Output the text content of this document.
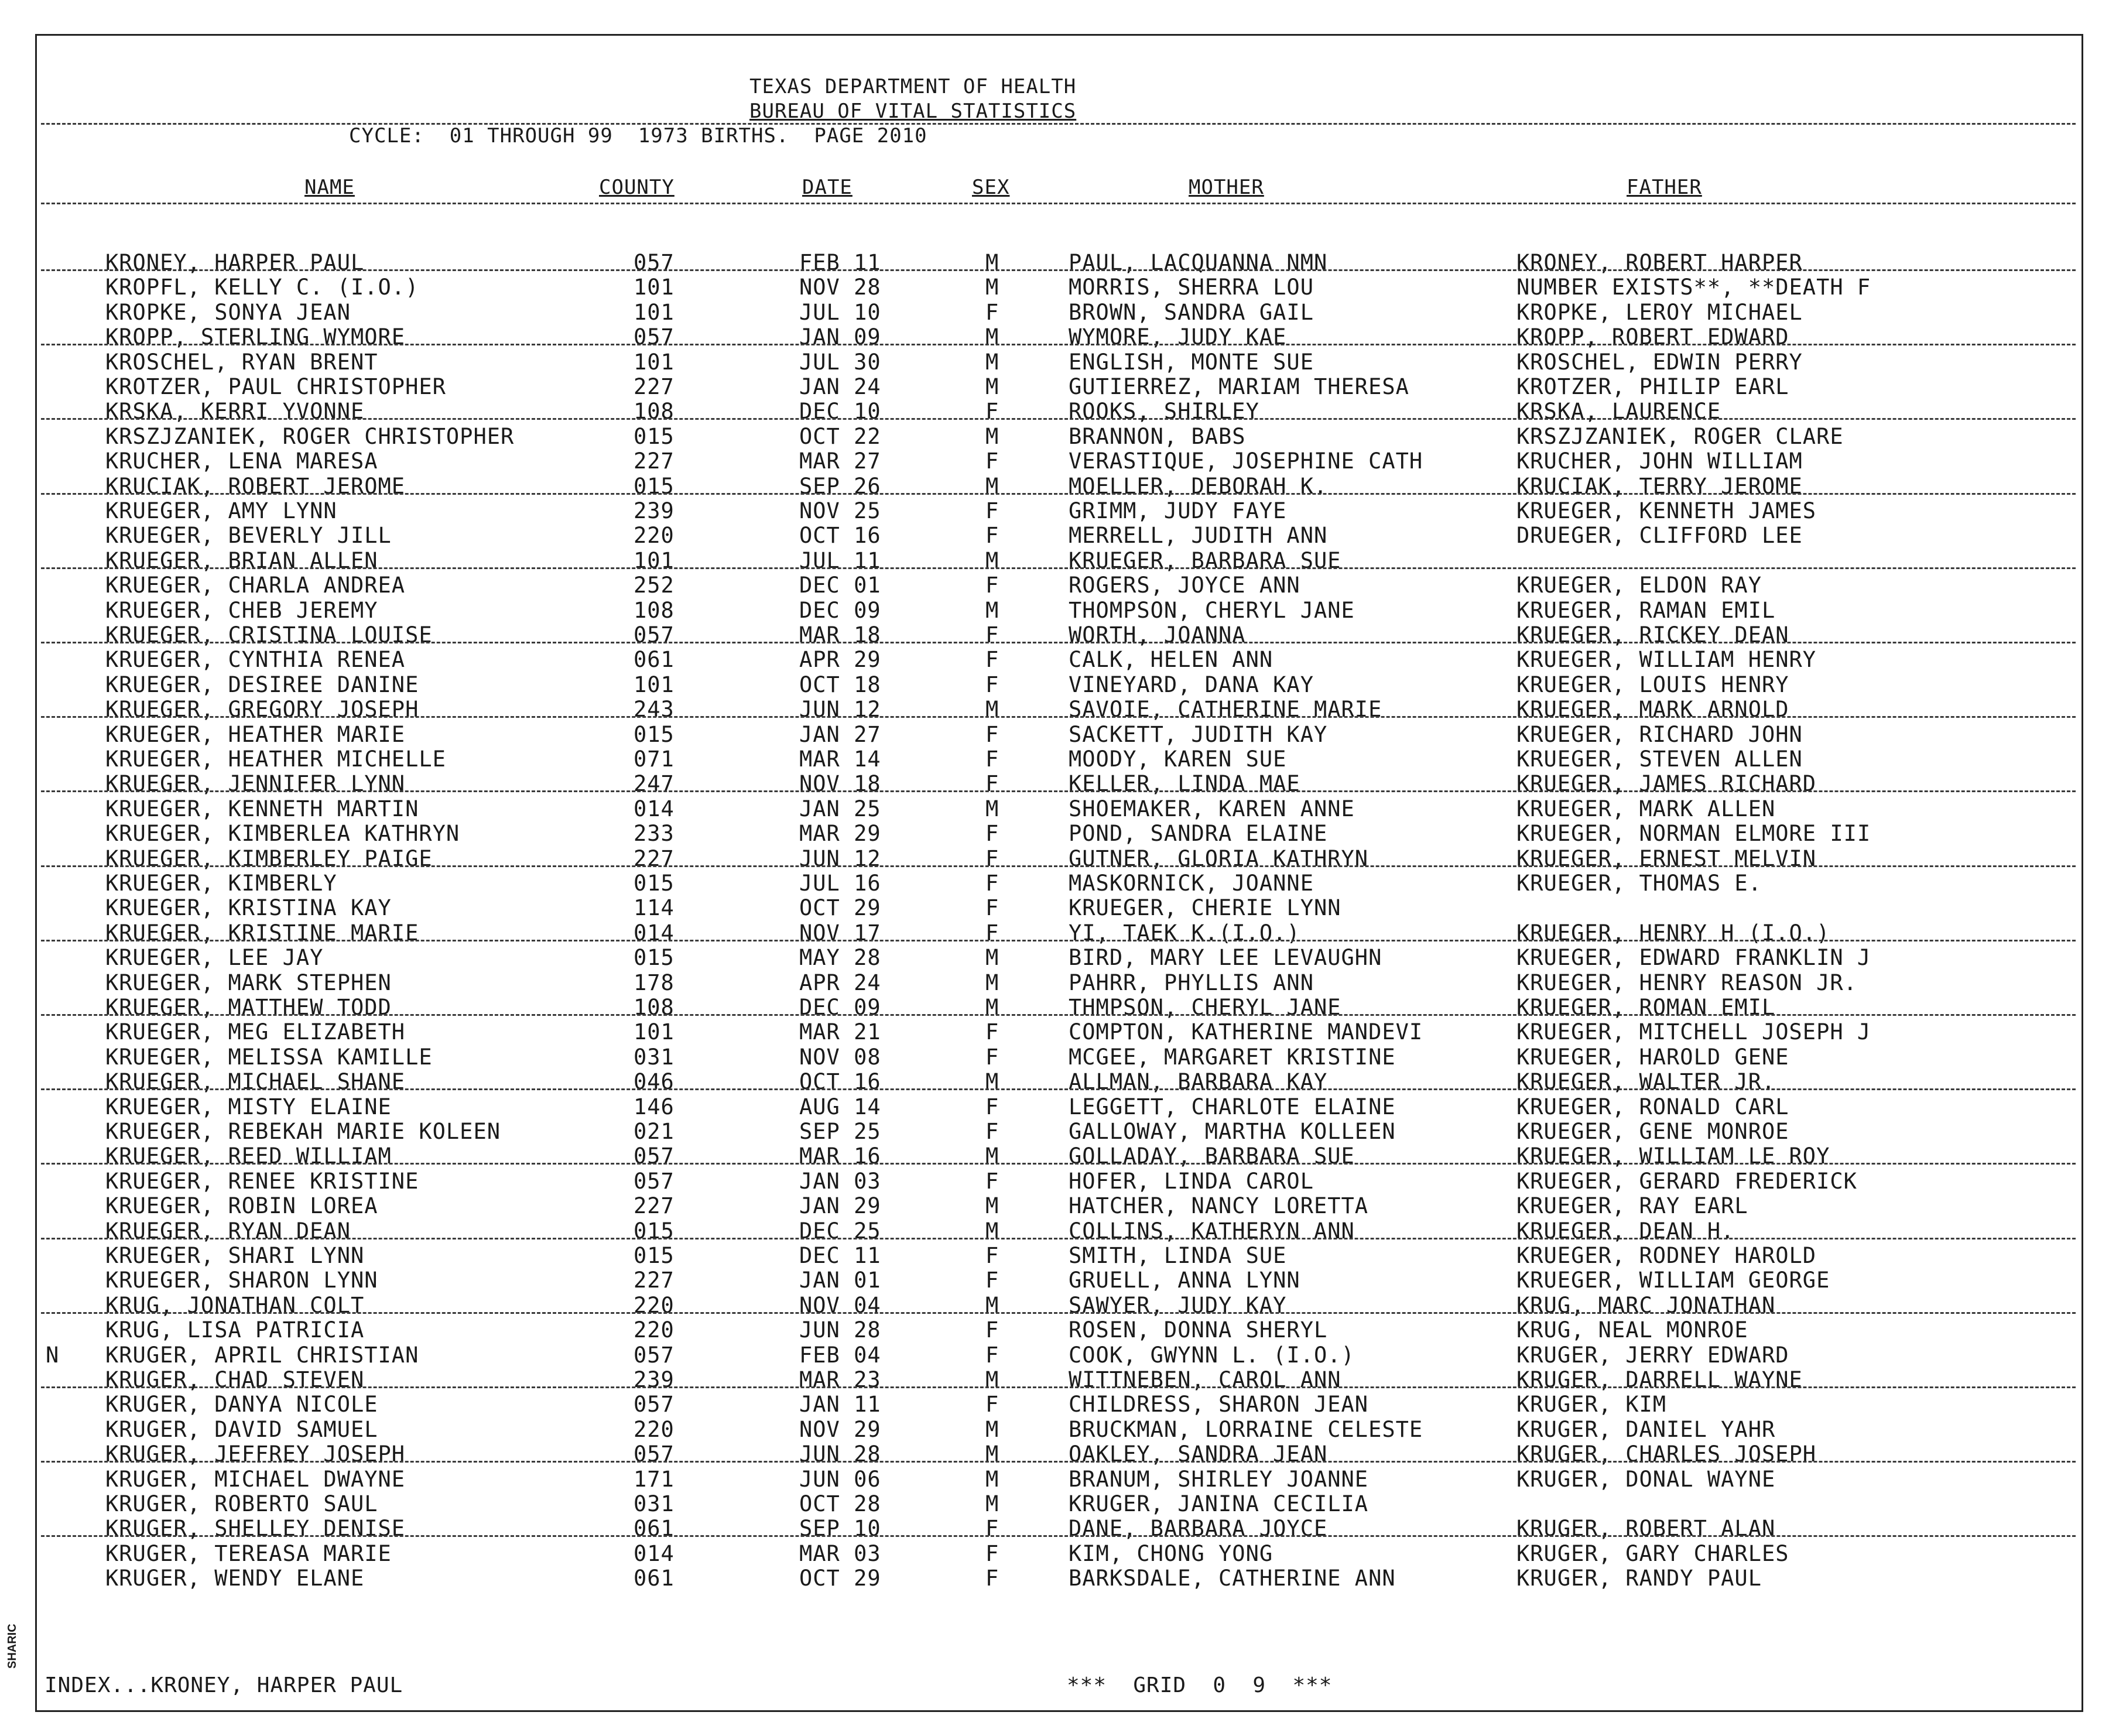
TEXAS DEPARTMENT OF HEALTH
BUREAU OF VITAL STATISTICS
CYCLE:  01 THROUGH 99  1973 BIRTHS.  PAGE 2010
NAME	COUNTY	DATE	SEX	MOTHER	FATHER
KRONEY, HARPER PAUL	057	FEB 11	M	PAUL, LACQUANNA NMN	KRONEY, ROBERT HARPER
KROPFL, KELLY C. (I.O.)	101	NOV 28	M	MORRIS, SHERRA LOU	NUMBER EXISTS**, **DEATH F
KROPKE, SONYA JEAN	101	JUL 10	F	BROWN, SANDRA GAIL	KROPKE, LEROY MICHAEL
KROPP, STERLING WYMORE	057	JAN 09	M	WYMORE, JUDY KAE	KROPP, ROBERT EDWARD
KROSCHEL, RYAN BRENT	101	JUL 30	M	ENGLISH, MONTE SUE	KROSCHEL, EDWIN PERRY
KROTZER, PAUL CHRISTOPHER	227	JAN 24	M	GUTIERREZ, MARIAM THERESA	KROTZER, PHILIP EARL
KRSKA, KERRI YVONNE	108	DEC 10	F	ROOKS, SHIRLEY	KRSKA, LAURENCE
KRSZJZANIEK, ROGER CHRISTOPHER	015	OCT 22	M	BRANNON, BABS	KRSZJZANIEK, ROGER CLARE
KRUCHER, LENA MARESA	227	MAR 27	F	VERASTIQUE, JOSEPHINE CATH	KRUCHER, JOHN WILLIAM
KRUCIAK, ROBERT JEROME	015	SEP 26	M	MOELLER, DEBORAH K.	KRUCIAK, TERRY JEROME
KRUEGER, AMY LYNN	239	NOV 25	F	GRIMM, JUDY FAYE	KRUEGER, KENNETH JAMES
KRUEGER, BEVERLY JILL	220	OCT 16	F	MERRELL, JUDITH ANN	DRUEGER, CLIFFORD LEE
KRUEGER, BRIAN ALLEN	101	JUL 11	M	KRUEGER, BARBARA SUE
KRUEGER, CHARLA ANDREA	252	DEC 01	F	ROGERS, JOYCE ANN	KRUEGER, ELDON RAY
KRUEGER, CHEB JEREMY	108	DEC 09	M	THOMPSON, CHERYL JANE	KRUEGER, RAMAN EMIL
KRUEGER, CRISTINA LOUISE	057	MAR 18	F	WORTH, JOANNA	KRUEGER, RICKEY DEAN
KRUEGER, CYNTHIA RENEA	061	APR 29	F	CALK, HELEN ANN	KRUEGER, WILLIAM HENRY
KRUEGER, DESIREE DANINE	101	OCT 18	F	VINEYARD, DANA KAY	KRUEGER, LOUIS HENRY
KRUEGER, GREGORY JOSEPH	243	JUN 12	M	SAVOIE, CATHERINE MARIE	KRUEGER, MARK ARNOLD
KRUEGER, HEATHER MARIE	015	JAN 27	F	SACKETT, JUDITH KAY	KRUEGER, RICHARD JOHN
KRUEGER, HEATHER MICHELLE	071	MAR 14	F	MOODY, KAREN SUE	KRUEGER, STEVEN ALLEN
KRUEGER, JENNIFER LYNN	247	NOV 18	F	KELLER, LINDA MAE	KRUEGER, JAMES RICHARD
KRUEGER, KENNETH MARTIN	014	JAN 25	M	SHOEMAKER, KAREN ANNE	KRUEGER, MARK ALLEN
KRUEGER, KIMBERLEA KATHRYN	233	MAR 29	F	POND, SANDRA ELAINE	KRUEGER, NORMAN ELMORE III
KRUEGER, KIMBERLEY PAIGE	227	JUN 12	F	GUTNER, GLORIA KATHRYN	KRUEGER, ERNEST MELVIN
KRUEGER, KIMBERLY	015	JUL 16	F	MASKORNICK, JOANNE	KRUEGER, THOMAS E.
KRUEGER, KRISTINA KAY	114	OCT 29	F	KRUEGER, CHERIE LYNN
KRUEGER, KRISTINE MARIE	014	NOV 17	F	YI, TAEK K.(I.O.)	KRUEGER, HENRY H (I.O.)
KRUEGER, LEE JAY	015	MAY 28	M	BIRD, MARY LEE LEVAUGHN	KRUEGER, EDWARD FRANKLIN J
KRUEGER, MARK STEPHEN	178	APR 24	M	PAHRR, PHYLLIS ANN	KRUEGER, HENRY REASON JR.
KRUEGER, MATTHEW TODD	108	DEC 09	M	THMPSON, CHERYL JANE	KRUEGER, ROMAN EMIL
KRUEGER, MEG ELIZABETH	101	MAR 21	F	COMPTON, KATHERINE MANDEVI	KRUEGER, MITCHELL JOSEPH J
KRUEGER, MELISSA KAMILLE	031	NOV 08	F	MCGEE, MARGARET KRISTINE	KRUEGER, HAROLD GENE
KRUEGER, MICHAEL SHANE	046	OCT 16	M	ALLMAN, BARBARA KAY	KRUEGER, WALTER JR.
KRUEGER, MISTY ELAINE	146	AUG 14	F	LEGGETT, CHARLOTE ELAINE	KRUEGER, RONALD CARL
KRUEGER, REBEKAH MARIE KOLEEN	021	SEP 25	F	GALLOWAY, MARTHA KOLLEEN	KRUEGER, GENE MONROE
KRUEGER, REED WILLIAM	057	MAR 16	M	GOLLADAY, BARBARA SUE	KRUEGER, WILLIAM LE ROY
KRUEGER, RENEE KRISTINE	057	JAN 03	F	HOFER, LINDA CAROL	KRUEGER, GERARD FREDERICK
KRUEGER, ROBIN LOREA	227	JAN 29	M	HATCHER, NANCY LORETTA	KRUEGER, RAY EARL
KRUEGER, RYAN DEAN	015	DEC 25	M	COLLINS, KATHERYN ANN	KRUEGER, DEAN H.
KRUEGER, SHARI LYNN	015	DEC 11	F	SMITH, LINDA SUE	KRUEGER, RODNEY HAROLD
KRUEGER, SHARON LYNN	227	JAN 01	F	GRUELL, ANNA LYNN	KRUEGER, WILLIAM GEORGE
KRUG, JONATHAN COLT	220	NOV 04	M	SAWYER, JUDY KAY	KRUG, MARC JONATHAN
KRUG, LISA PATRICIA	220	JUN 28	F	ROSEN, DONNA SHERYL	KRUG, NEAL MONROE
N KRUGER, APRIL CHRISTIAN	057	FEB 04	F	COOK, GWYNN L. (I.O.)	KRUGER, JERRY EDWARD
KRUGER, CHAD STEVEN	239	MAR 23	M	WITTNEBEN, CAROL ANN	KRUGER, DARRELL WAYNE
KRUGER, DANYA NICOLE	057	JAN 11	F	CHILDRESS, SHARON JEAN	KRUGER, KIM
KRUGER, DAVID SAMUEL	220	NOV 29	M	BRUCKMAN, LORRAINE CELESTE	KRUGER, DANIEL YAHR
KRUGER, JEFFREY JOSEPH	057	JUN 28	M	OAKLEY, SANDRA JEAN	KRUGER, CHARLES JOSEPH
KRUGER, MICHAEL DWAYNE	171	JUN 06	M	BRANUM, SHIRLEY JOANNE	KRUGER, DONAL WAYNE
KRUGER, ROBERTO SAUL	031	OCT 28	M	KRUGER, JANINA CECILIA
KRUGER, SHELLEY DENISE	061	SEP 10	F	DANE, BARBARA JOYCE	KRUGER, ROBERT ALAN
KRUGER, TEREASA MARIE	014	MAR 03	F	KIM, CHONG YONG	KRUGER, GARY CHARLES
KRUGER, WENDY ELANE	061	OCT 29	F	BARKSDALE, CATHERINE ANN	KRUGER, RANDY PAUL
INDEX...KRONEY, HARPER PAUL	***  GRID  0  9  ***
SHARIC
